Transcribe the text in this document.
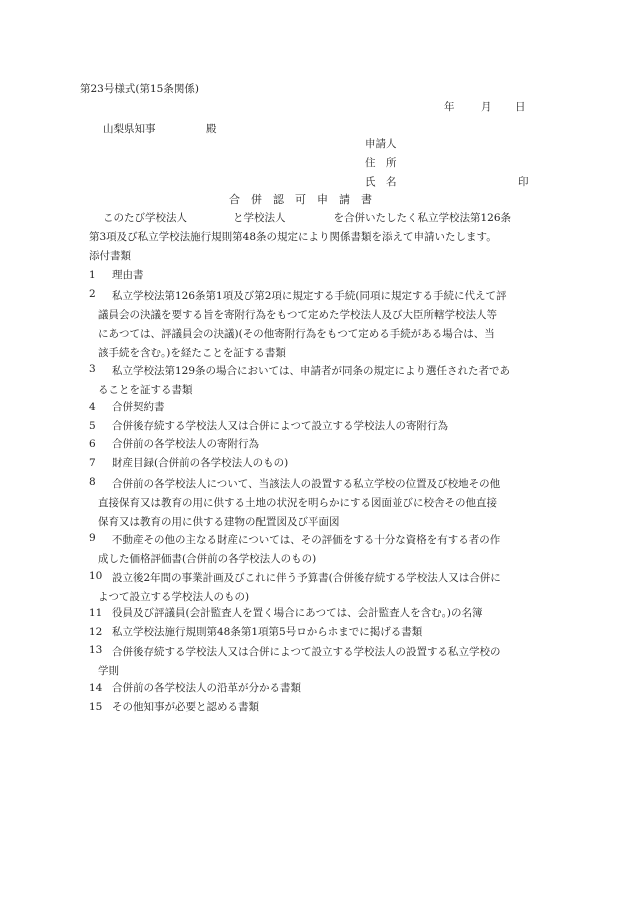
第23号様式(第15条関係)
年	月 日
山梨県知事	殿
申請人
住　所
氏　名	印
合　併　認　可　申　請　書
このたび学校法人	と学校法人	を合併いたしたく私立学校法第126条
第3項及び私立学校法施行規則第48条の規定により関係書類を添えて申請いたします。
添付書類
1 理由書
2 私立学校法第126条第1項及び第2項に規定する手続(同項に規定する手続に代えて評
議員会の決議を要する旨を寄附行為をもつて定めた学校法人及び大臣所轄学校法人等
にあつては、評議員会の決議)(その他寄附行為をもつて定める手続がある場合は、当
該手続を含む。)を経たことを証する書類
3 私立学校法第129条の場合においては、申請者が同条の規定により選任された者であ
ることを証する書類
4 合併契約書
5 合併後存続する学校法人又は合併によつて設立する学校法人の寄附行為
6 合併前の各学校法人の寄附行為
7 財産目録(合併前の各学校法人のもの)
8 合併前の各学校法人について、当該法人の設置する私立学校の位置及び校地その他
直接保育又は教育の用に供する土地の状況を明らかにする図面並びに校舎その他直接
保育又は教育の用に供する建物の配置図及び平面図
9 不動産その他の主なる財産については、その評価をする十分な資格を有する者の作
成した価格評価書(合併前の各学校法人のもの)
10 設立後2年間の事業計画及びこれに伴う予算書(合併後存続する学校法人又は合併に
よつて設立する学校法人のもの)
11 役員及び評議員(会計監査人を置く場合にあつては、会計監査人を含む。)の名簿
12 私立学校法施行規則第48条第1項第5号ロからホまでに掲げる書類
13 合併後存続する学校法人又は合併によつて設立する学校法人の設置する私立学校の
学則
14 合併前の各学校法人の沿革が分かる書類
15 その他知事が必要と認める書類
